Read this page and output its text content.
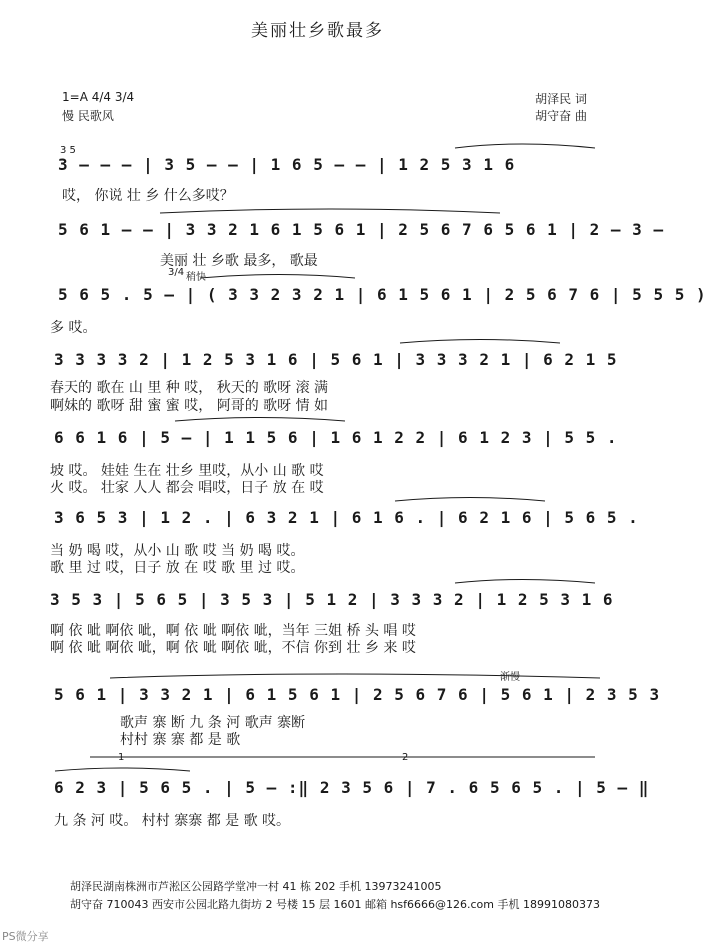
美丽壮乡歌最多
1=A 4/4 3/4
慢 民歌风
胡泽民 词
胡守奋 曲
3 5
3/4 稍快
渐慢
1	2
3 — — — | 3 5 — — | 1 6 5 — — | 1 2 5 3 1 6
哎， 你说 壮 乡 什么多哎？
5 6 1 — — | 3 3 2 1 6 1 5 6 1 | 2 5 6 7 6 5 6 1 | 2 — 3 —
美丽 壮 乡歌 最多， 歌最
5 6 5 . 5 — | ( 3 3 2 3 2 1 | 6 1 5 6 1 | 2 5 6 7 6 | 5 5 5 )
多 哎。
3 3 3 3 2 | 1 2 5 3 1 6 | 5 6 1 | 3 3 3 2 1 | 6 2 1 5
春天的 歌在 山 里 种 哎， 秋天的 歌呀 滚 满
啊妹的 歌呀 甜 蜜 蜜 哎， 阿哥的 歌呀 情 如
6 6 1 6 | 5 — | 1 1 5 6 | 1 6 1 2 2 | 6 1 2 3 | 5 5 .
坡 哎。 娃娃 生在 壮乡 里哎，从小 山 歌 哎
火 哎。 壮家 人人 都会 唱哎，日子 放 在 哎
3 6 5 3 | 1 2 . | 6 3 2 1 | 6 1 6 . | 6 2 1 6 | 5 6 5 .
当 奶 喝 哎，从小 山 歌 哎 当 奶 喝 哎。
歌 里 过 哎，日子 放 在 哎 歌 里 过 哎。
3 5 3 | 5 6 5 | 3 5 3 | 5 1 2 | 3 3 3 2 | 1 2 5 3 1 6
啊 依 呲 啊依 呲，啊 依 呲 啊依 呲，当年 三姐 桥 头 唱 哎
啊 依 呲 啊依 呲，啊 依 呲 啊依 呲，不信 你到 壮 乡 来 哎
5 6 1 | 3 3 2 1 | 6 1 5 6 1 | 2 5 6 7 6 | 5 6 1 | 2 3 5 3
歌声 寨 断 九 条 河 歌声 寨断
村村 寨 寨 都 是 歌
6 2 3 | 5 6 5 . | 5 — :‖ 2 3 5 6 | 7 . 6 5 6 5 . | 5 — ‖
九 条 河 哎。 村村 寨寨 都 是 歌 哎。
胡泽民湖南株洲市芦淞区公园路学堂冲一村 41 栋 202 手机 13973241005
胡守奋 710043 西安市公园北路九街坊 2 号楼 15 层 1601 邮箱 hsf6666@126.com 手机 18991080373
PS微分享
